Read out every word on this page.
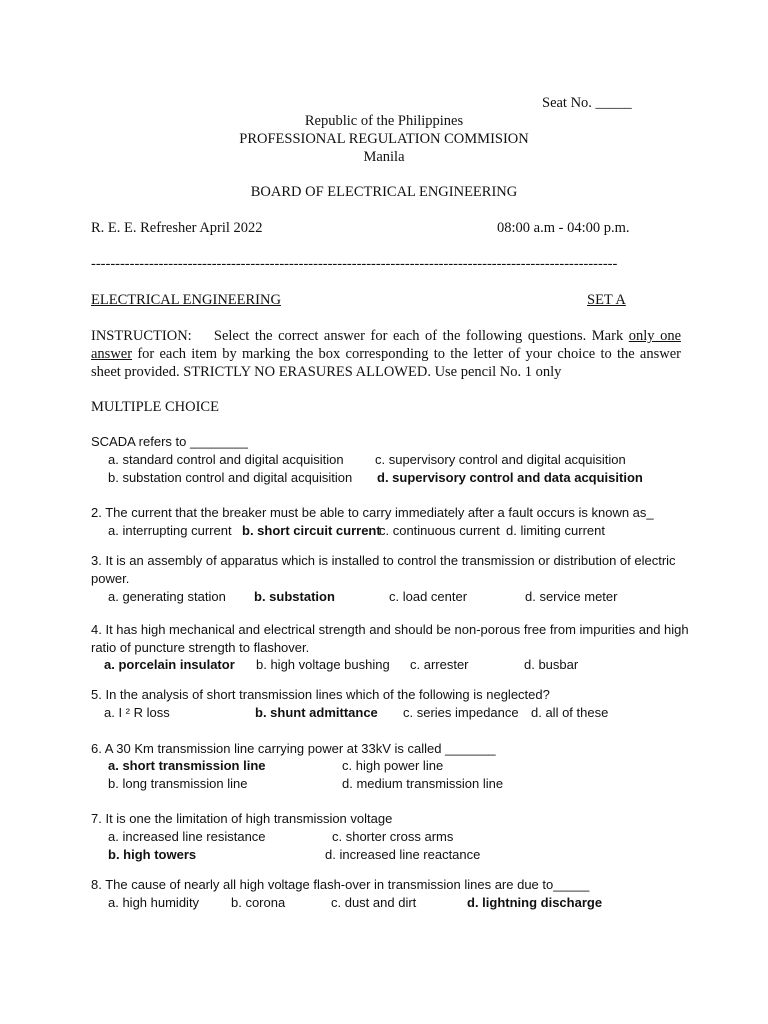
Seat No. _____
Republic of the Philippines
PROFESSIONAL REGULATION COMMISION
Manila
BOARD OF ELECTRICAL ENGINEERING
R. E. E. Refresher April 2022	08:00 a.m - 04:00 p.m.
-------------------------------------------------------------------------------------------------------------
ELECTRICAL ENGINEERING	SET A
INSTRUCTION: Select the correct answer for each of the following questions. Mark only one answer for each item by marking the box corresponding to the letter of your choice to the answer sheet provided. STRICTLY NO ERASURES ALLOWED. Use pencil No. 1 only
MULTIPLE CHOICE
SCADA refers to ________
a. standard control and digital acquisition c. supervisory control and digital acquisition
b. substation control and digital acquisition d. supervisory control and data acquisition
2. The current that the breaker must be able to carry immediately after a fault occurs is known as_
a. interrupting current b. short circuit current
c. continuous current d. limiting current
3. It is an assembly of apparatus which is installed to control the transmission or distribution of electric
power.
a. generating station b. substation	c. load center	d. service meter
4. It has high mechanical and electrical strength and should be non-porous free from impurities and high
ratio of puncture strength to flashover.
a. porcelain insulator b. high voltage bushing c. arrester	d. busbar
5. In the analysis of short transmission lines which of the following is neglected?
a. I ² R loss	b. shunt admittance c. series impedance d. all of these
6. A 30 Km transmission line carrying power at 33kV is called _______
a. short transmission line	c. high power line
b. long transmission line	d. medium transmission line
7. It is one the limitation of high transmission voltage
a. increased line resistance	c. shorter cross arms
b. high towers	d. increased line reactance
8. The cause of nearly all high voltage flash-over in transmission lines are due to_____
a. high humidity b. corona	c. dust and dirt	d. lightning discharge
